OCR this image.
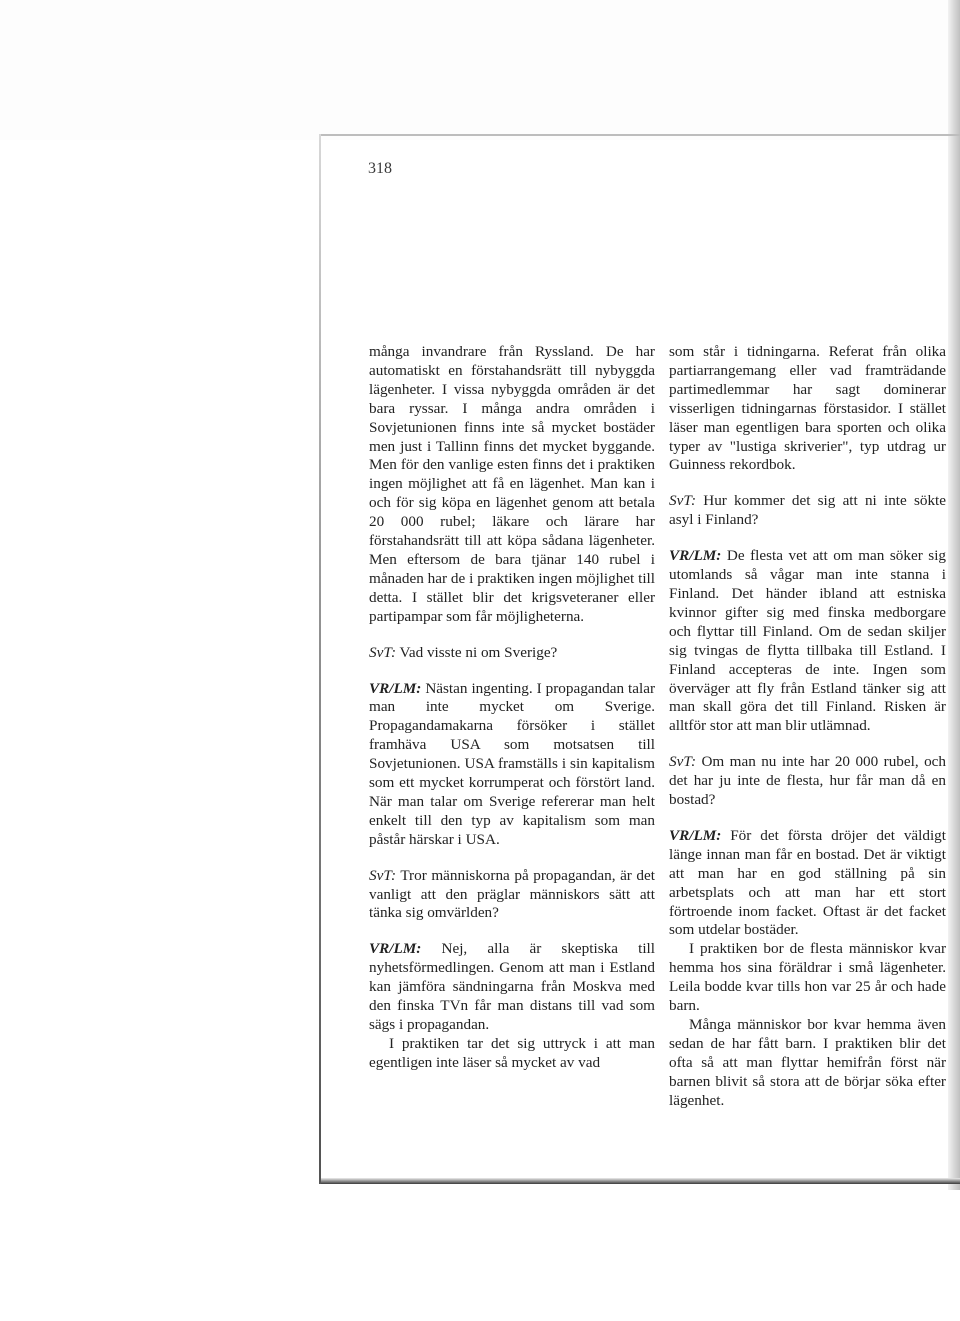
318

många invandrare från Ryssland. De har automatiskt en förstahandsrätt till nybyggda lägenheter. I vissa nybyggda områden är det bara ryssar. I många andra områden i Sovjetunionen finns inte så mycket bostäder men just i Tallinn finns det mycket byggande. Men för den vanlige esten finns det i praktiken ingen möjlighet att få en lägenhet. Man kan i och för sig köpa en lägenhet genom att betala 20 000 rubel; läkare och lärare har förstahandsrätt till att köpa sådana lägenheter. Men eftersom de bara tjänar 140 rubel i månaden har de i praktiken ingen möjlighet till detta. I stället blir det krigsveteraner eller partipampar som får möjligheterna.

SvT: Vad visste ni om Sverige?

VR/LM: Nästan ingenting. I propagandan talar man inte mycket om Sverige. Propagandamakarna försöker i stället framhäva USA som motsatsen till Sovjetunionen. USA framställs i sin kapitalism som ett mycket korrumperat och förstört land. När man talar om Sverige refererar man helt enkelt till den typ av kapitalism som man påstår härskar i USA.

SvT: Tror människorna på propagandan, är det vanligt att den präglar människors sätt att tänka sig omvärlden?

VR/LM: Nej, alla är skeptiska till nyhetsförmedlingen. Genom att man i Estland kan jämföra sändningarna från Moskva med den finska TVn får man distans till vad som sägs i propagandan.

I praktiken tar det sig uttryck i att man egentligen inte läser så mycket av vad

som står i tidningarna. Referat från olika partiarrangemang eller vad framträdande partimedlemmar har sagt dominerar visserligen tidningarnas förstasidor. I stället läser man egentligen bara sporten och olika typer av "lustiga skriverier", typ utdrag ur Guinness rekordbok.

SvT: Hur kommer det sig att ni inte sökte asyl i Finland?

VR/LM: De flesta vet att om man söker sig utomlands så vågar man inte stanna i Finland. Det händer ibland att estniska kvinnor gifter sig med finska medborgare och flyttar till Finland. Om de sedan skiljer sig tvingas de flytta tillbaka till Estland. I Finland accepteras de inte. Ingen som överväger att fly från Estland tänker sig att man skall göra det till Finland. Risken är alltför stor att man blir utlämnad.

SvT: Om man nu inte har 20 000 rubel, och det har ju inte de flesta, hur får man då en bostad?

VR/LM: För det första dröjer det väldigt länge innan man får en bostad. Det är viktigt att man har en god ställning på sin arbetsplats och att man har ett stort förtroende inom facket. Oftast är det facket som utdelar bostäder.

I praktiken bor de flesta människor kvar hemma hos sina föräldrar i små lägenheter. Leila bodde kvar tills hon var 25 år och hade barn.

Många människor bor kvar hemma även sedan de har fått barn. I praktiken blir det ofta så att man flyttar hemifrån först när barnen blivit så stora att de börjar söka efter lägenhet.
